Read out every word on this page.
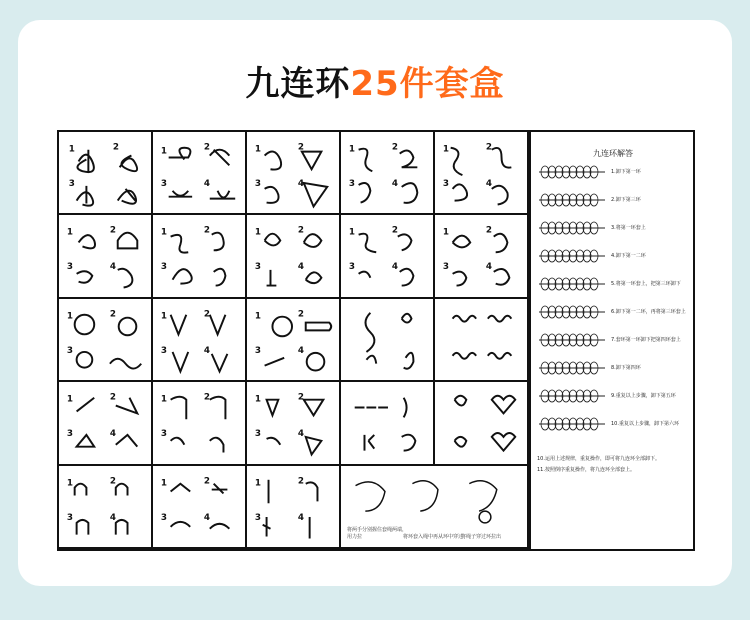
九连环25件套盒
1	2
3
1	2
3	4
1	2
3	4
1	2
3	4
1	2
3	4
1	2
3	4
1	2
3
1	2
3	4
1	2
3	4
1	2
3	4
1	2
3
1	2
3	4
1	2
3	4
1	2
3	4
1	2
3
1	2
3	4
1	2
3	4
1	2
3	4
1	2
3	4
将两手分别握住套绳两端，用力拉	将环套入绳中再从环中穿过
将绳子穿过环拉出
九连环解答
1.卸下第一环
2.卸下第三环
3.将第一环套上
4.卸下第一二环
5.将第一环套上，把第三环卸下
6.卸下第一二环，再将第三环套上
7.套环第一环卸下把第四环套上
8.卸下第四环
9.重复以上步骤，卸下第五环
10.重复以上步骤，卸下第六环
10.运用上述规律，重复操作，即可将九连环全部卸下。
11.按照倒序重复操作，将九连环全部套上。
